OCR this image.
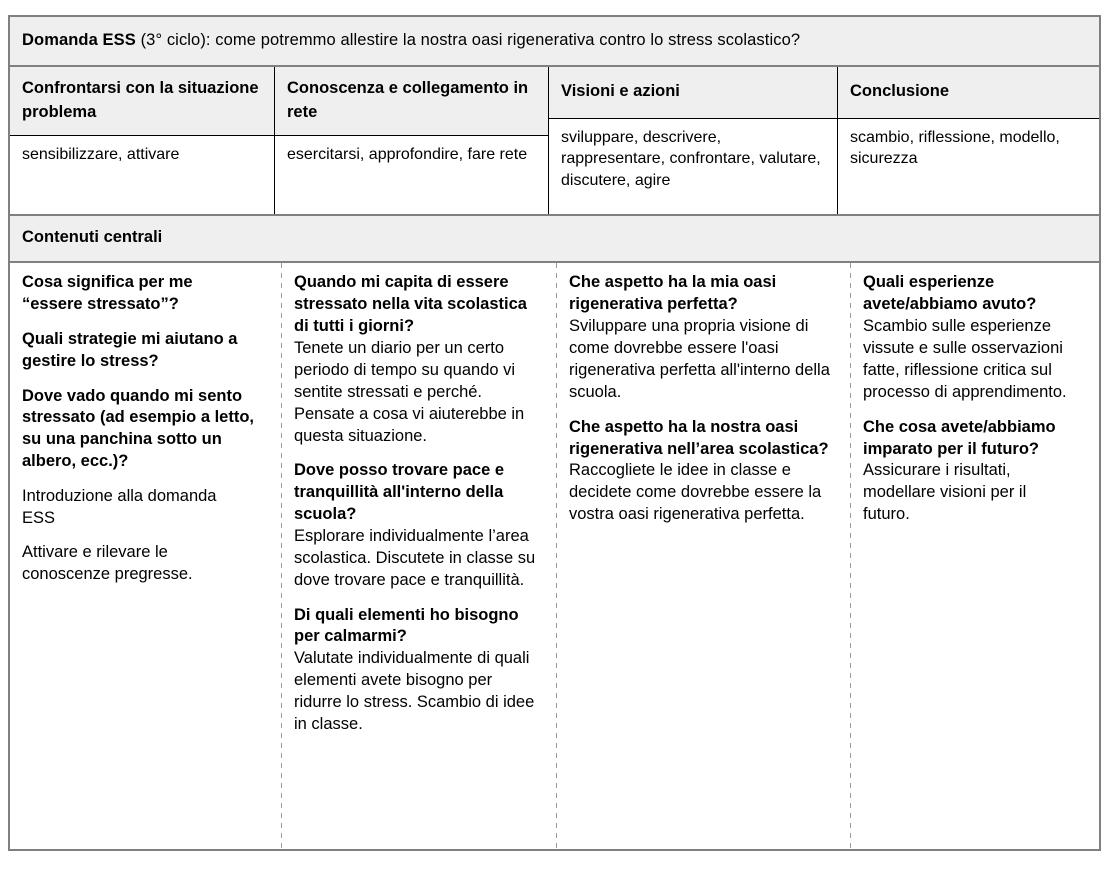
Domanda ESS (3° ciclo): come potremmo allestire la nostra oasi rigenerativa contro lo stress scolastico?
Confrontarsi con la situazione problema
sensibilizzare, attivare
Conoscenza e collegamento in rete
esercitarsi, approfondire, fare rete
Visioni e azioni
sviluppare, descrivere, rappresentare, confrontare, valutare, discutere, agire
Conclusione
scambio, riflessione, modello, sicurezza
Contenuti centrali

Cosa significa per me “essere stressato”?

Quali strategie mi aiutano a gestire lo stress?

Dove vado quando mi sento stressato (ad esempio a letto, su una panchina sotto un albero, ecc.)?

Introduzione alla domanda ESS

Attivare e rilevare le conoscenze pregresse.

Quando mi capita di essere stressato nella vita scolastica di tutti i giorni?

Tenete un diario per un certo periodo di tempo su quando vi sentite stressati e perché. Pensate a cosa vi aiuterebbe in questa situazione.

Dove posso trovare pace e tranquillità all'interno della scuola?

Esplorare individualmente l’area scolastica. Discutete in classe su dove trovare pace e tranquillità.

Di quali elementi ho bisogno per calmarmi?

Valutate individualmente di quali elementi avete bisogno per ridurre lo stress. Scambio di idee in classe.

Che aspetto ha la mia oasi rigenerativa perfetta?

Sviluppare una propria visione di come dovrebbe essere l'oasi rigenerativa perfetta all'interno della scuola.

Che aspetto ha la nostra oasi rigenerativa nell’area scolastica?

Raccogliete le idee in classe e decidete come dovrebbe essere la vostra oasi rigenerativa perfetta.

Quali esperienze avete/abbiamo avuto?

Scambio sulle esperienze vissute e sulle osservazioni fatte, riflessione critica sul processo di apprendimento.

Che cosa avete/abbiamo imparato per il futuro?

Assicurare i risultati, modellare visioni per il futuro.
